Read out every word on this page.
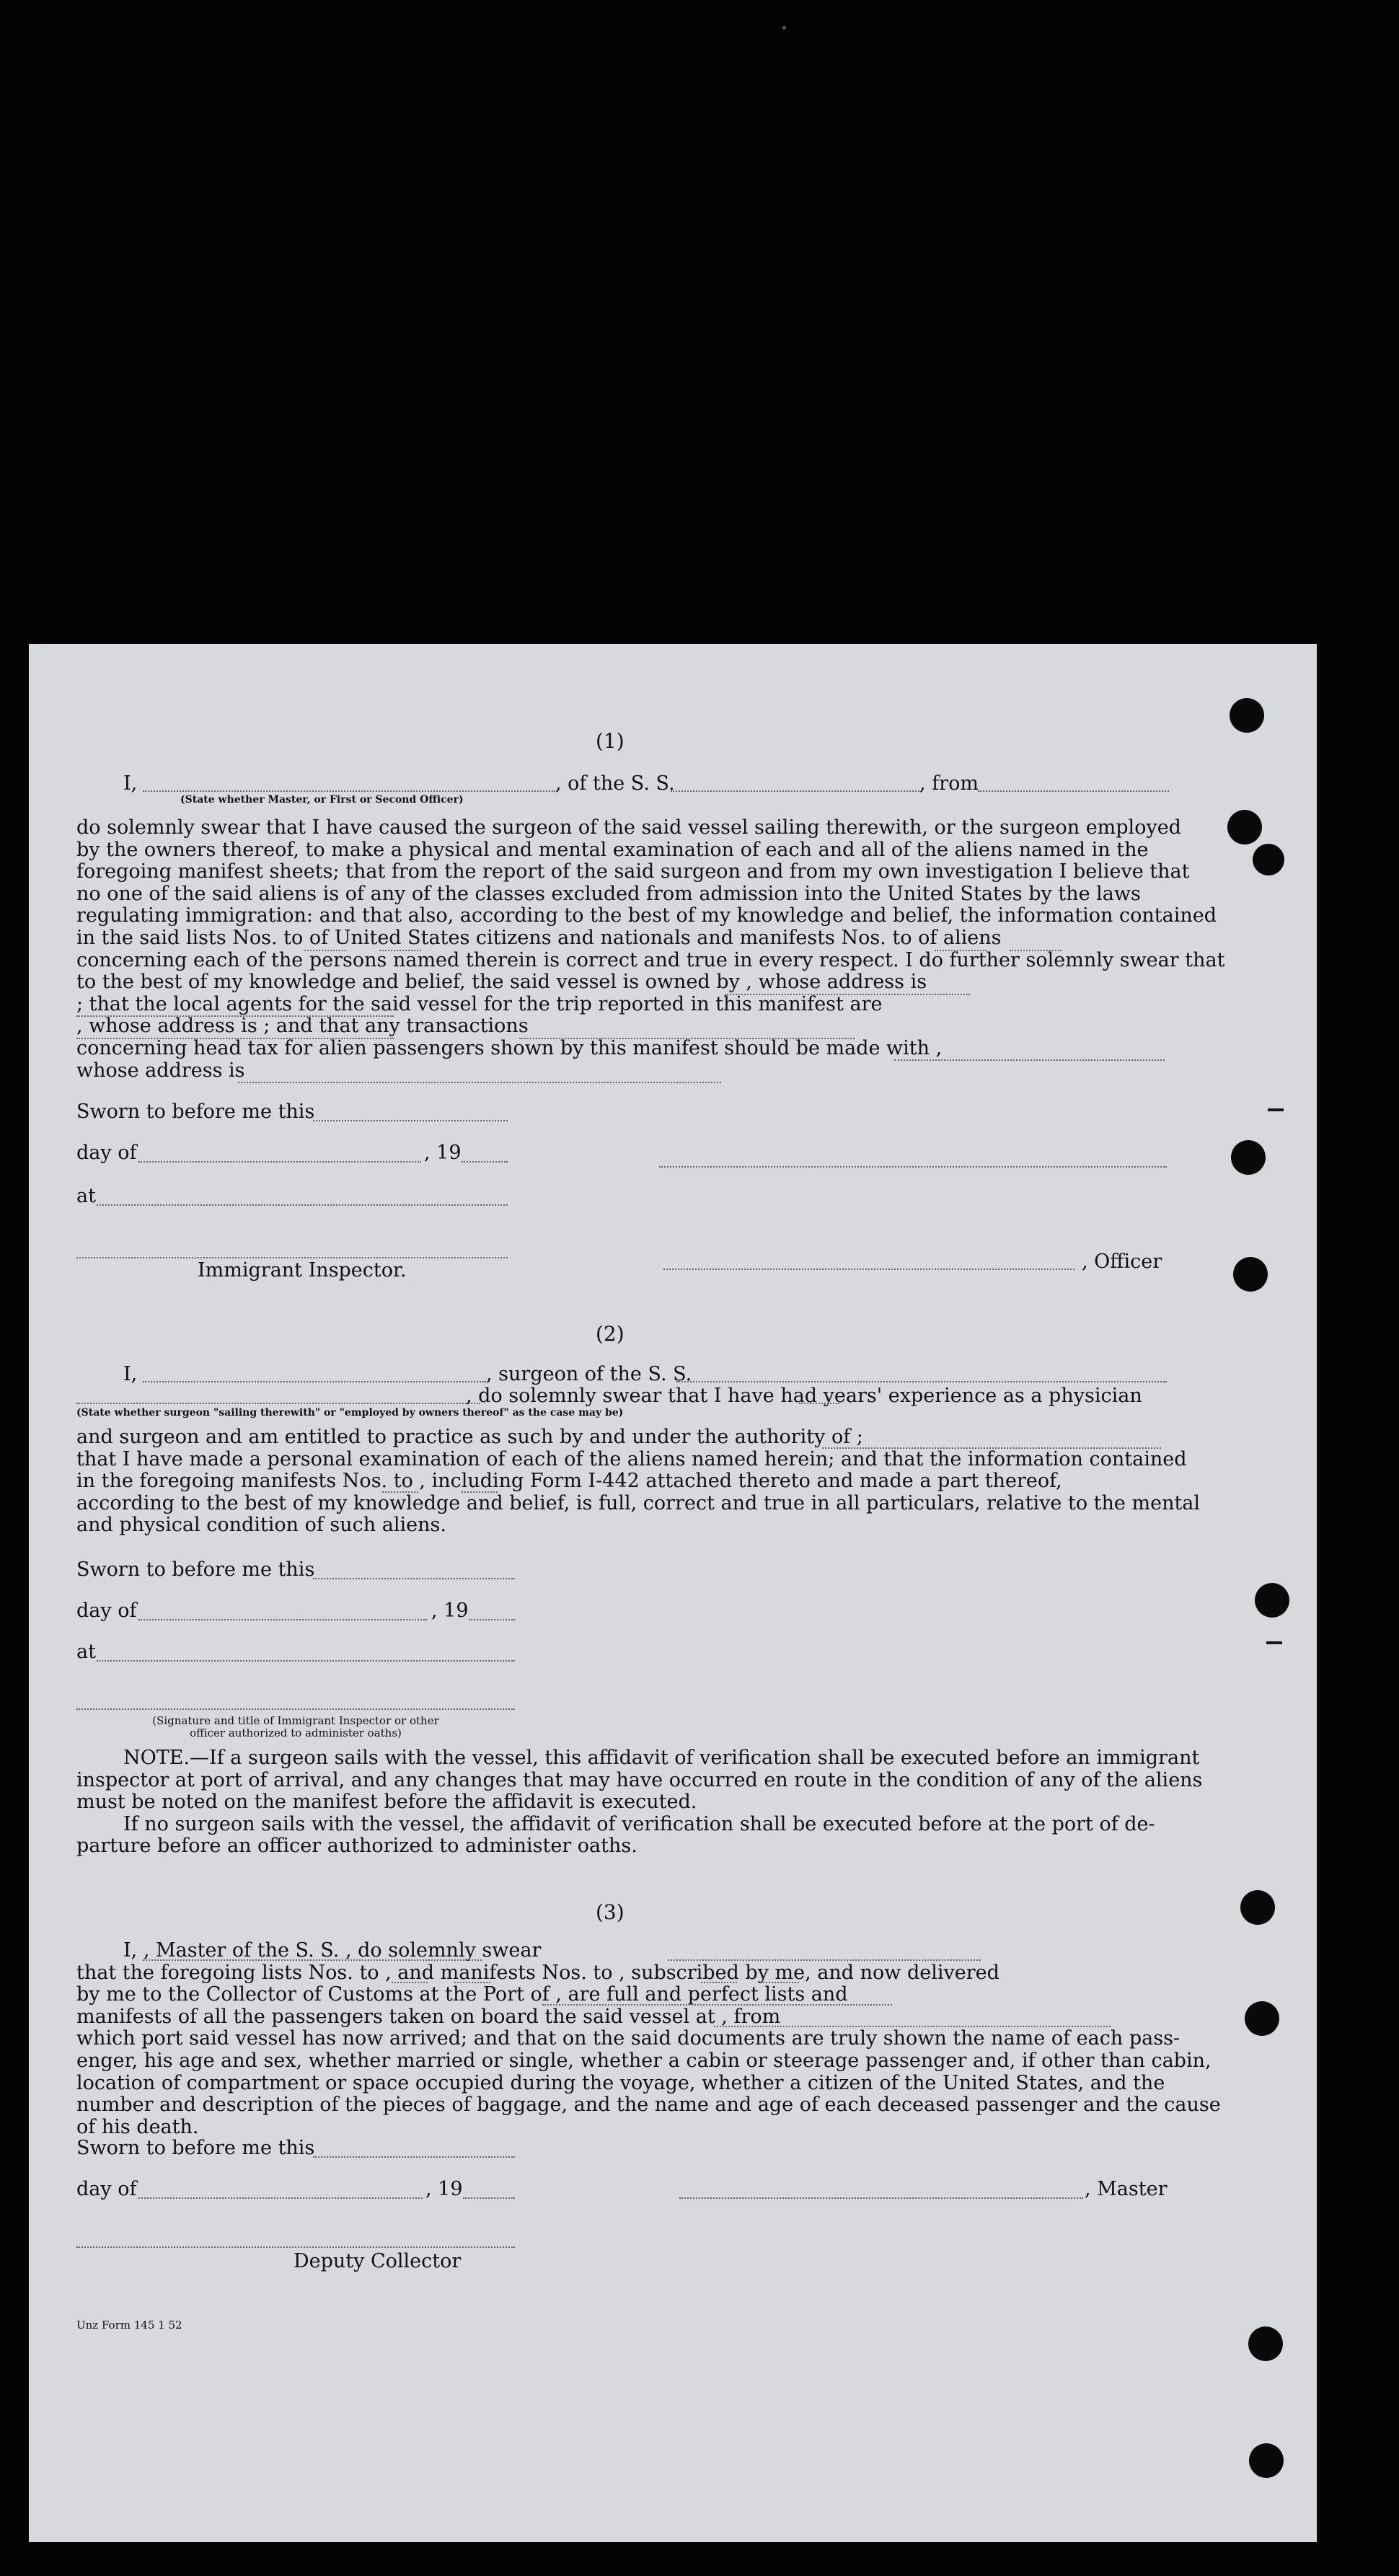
(1)
I,	, of the S. S.	, from
(State whether Master, or First or Second Officer)
do solemnly swear that I have caused the surgeon of the said vessel sailing therewith, or the surgeon employed
by the owners thereof, to make a physical and mental examination of each and all of the aliens named in the
foregoing manifest sheets; that from the report of the said surgeon and from my own investigation I believe that
no one of the said aliens is of any of the classes excluded from admission into the United States by the laws
regulating immigration: and that also, according to the best of my knowledge and belief, the information contained
in the said lists Nos. to of United States citizens and nationals and manifests Nos. to of aliens
concerning each of the persons named therein is correct and true in every respect. I do further solemnly swear that
to the best of my knowledge and belief, the said vessel is owned by , whose address is
; that the local agents for the said vessel for the trip reported in this manifest are
, whose address is ; and that any transactions
concerning head tax for alien passengers shown by this manifest should be made with ,
whose address is
Sworn to before me this
day of	, 19
at
Immigrant Inspector.	, Officer
(2)
I,	, surgeon of the S. S.
, do solemnly swear that I have had years' experience as a physician
(State whether surgeon "sailing therewith" or "employed by owners thereof" as the case may be)
and surgeon and am entitled to practice as such by and under the authority of ;
that I have made a personal examination of each of the aliens named herein; and that the information contained
in the foregoing manifests Nos. to , including Form I-442 attached thereto and made a part thereof,
according to the best of my knowledge and belief, is full, correct and true in all particulars, relative to the mental
and physical condition of such aliens.
Sworn to before me this
day of	, 19
at
(Signature and title of Immigrant Inspector or other
officer authorized to administer oaths)
NOTE.—If a surgeon sails with the vessel, this affidavit of verification shall be executed before an immigrant
inspector at port of arrival, and any changes that may have occurred en route in the condition of any of the aliens
must be noted on the manifest before the affidavit is executed.
If no surgeon sails with the vessel, the affidavit of verification shall be executed before at the port of de-
parture before an officer authorized to administer oaths.
(3)
I, , Master of the S. S. , do solemnly swear
that the foregoing lists Nos. to , and manifests Nos. to , subscribed by me, and now delivered
by me to the Collector of Customs at the Port of , are full and perfect lists and
manifests of all the passengers taken on board the said vessel at , from
which port said vessel has now arrived; and that on the said documents are truly shown the name of each pass-
enger, his age and sex, whether married or single, whether a cabin or steerage passenger and, if other than cabin,
location of compartment or space occupied during the voyage, whether a citizen of the United States, and the
number and description of the pieces of baggage, and the name and age of each deceased passenger and the cause
of his death.
Sworn to before me this
day of	, 19	, Master
Deputy Collector
Unz Form 145 1 52
